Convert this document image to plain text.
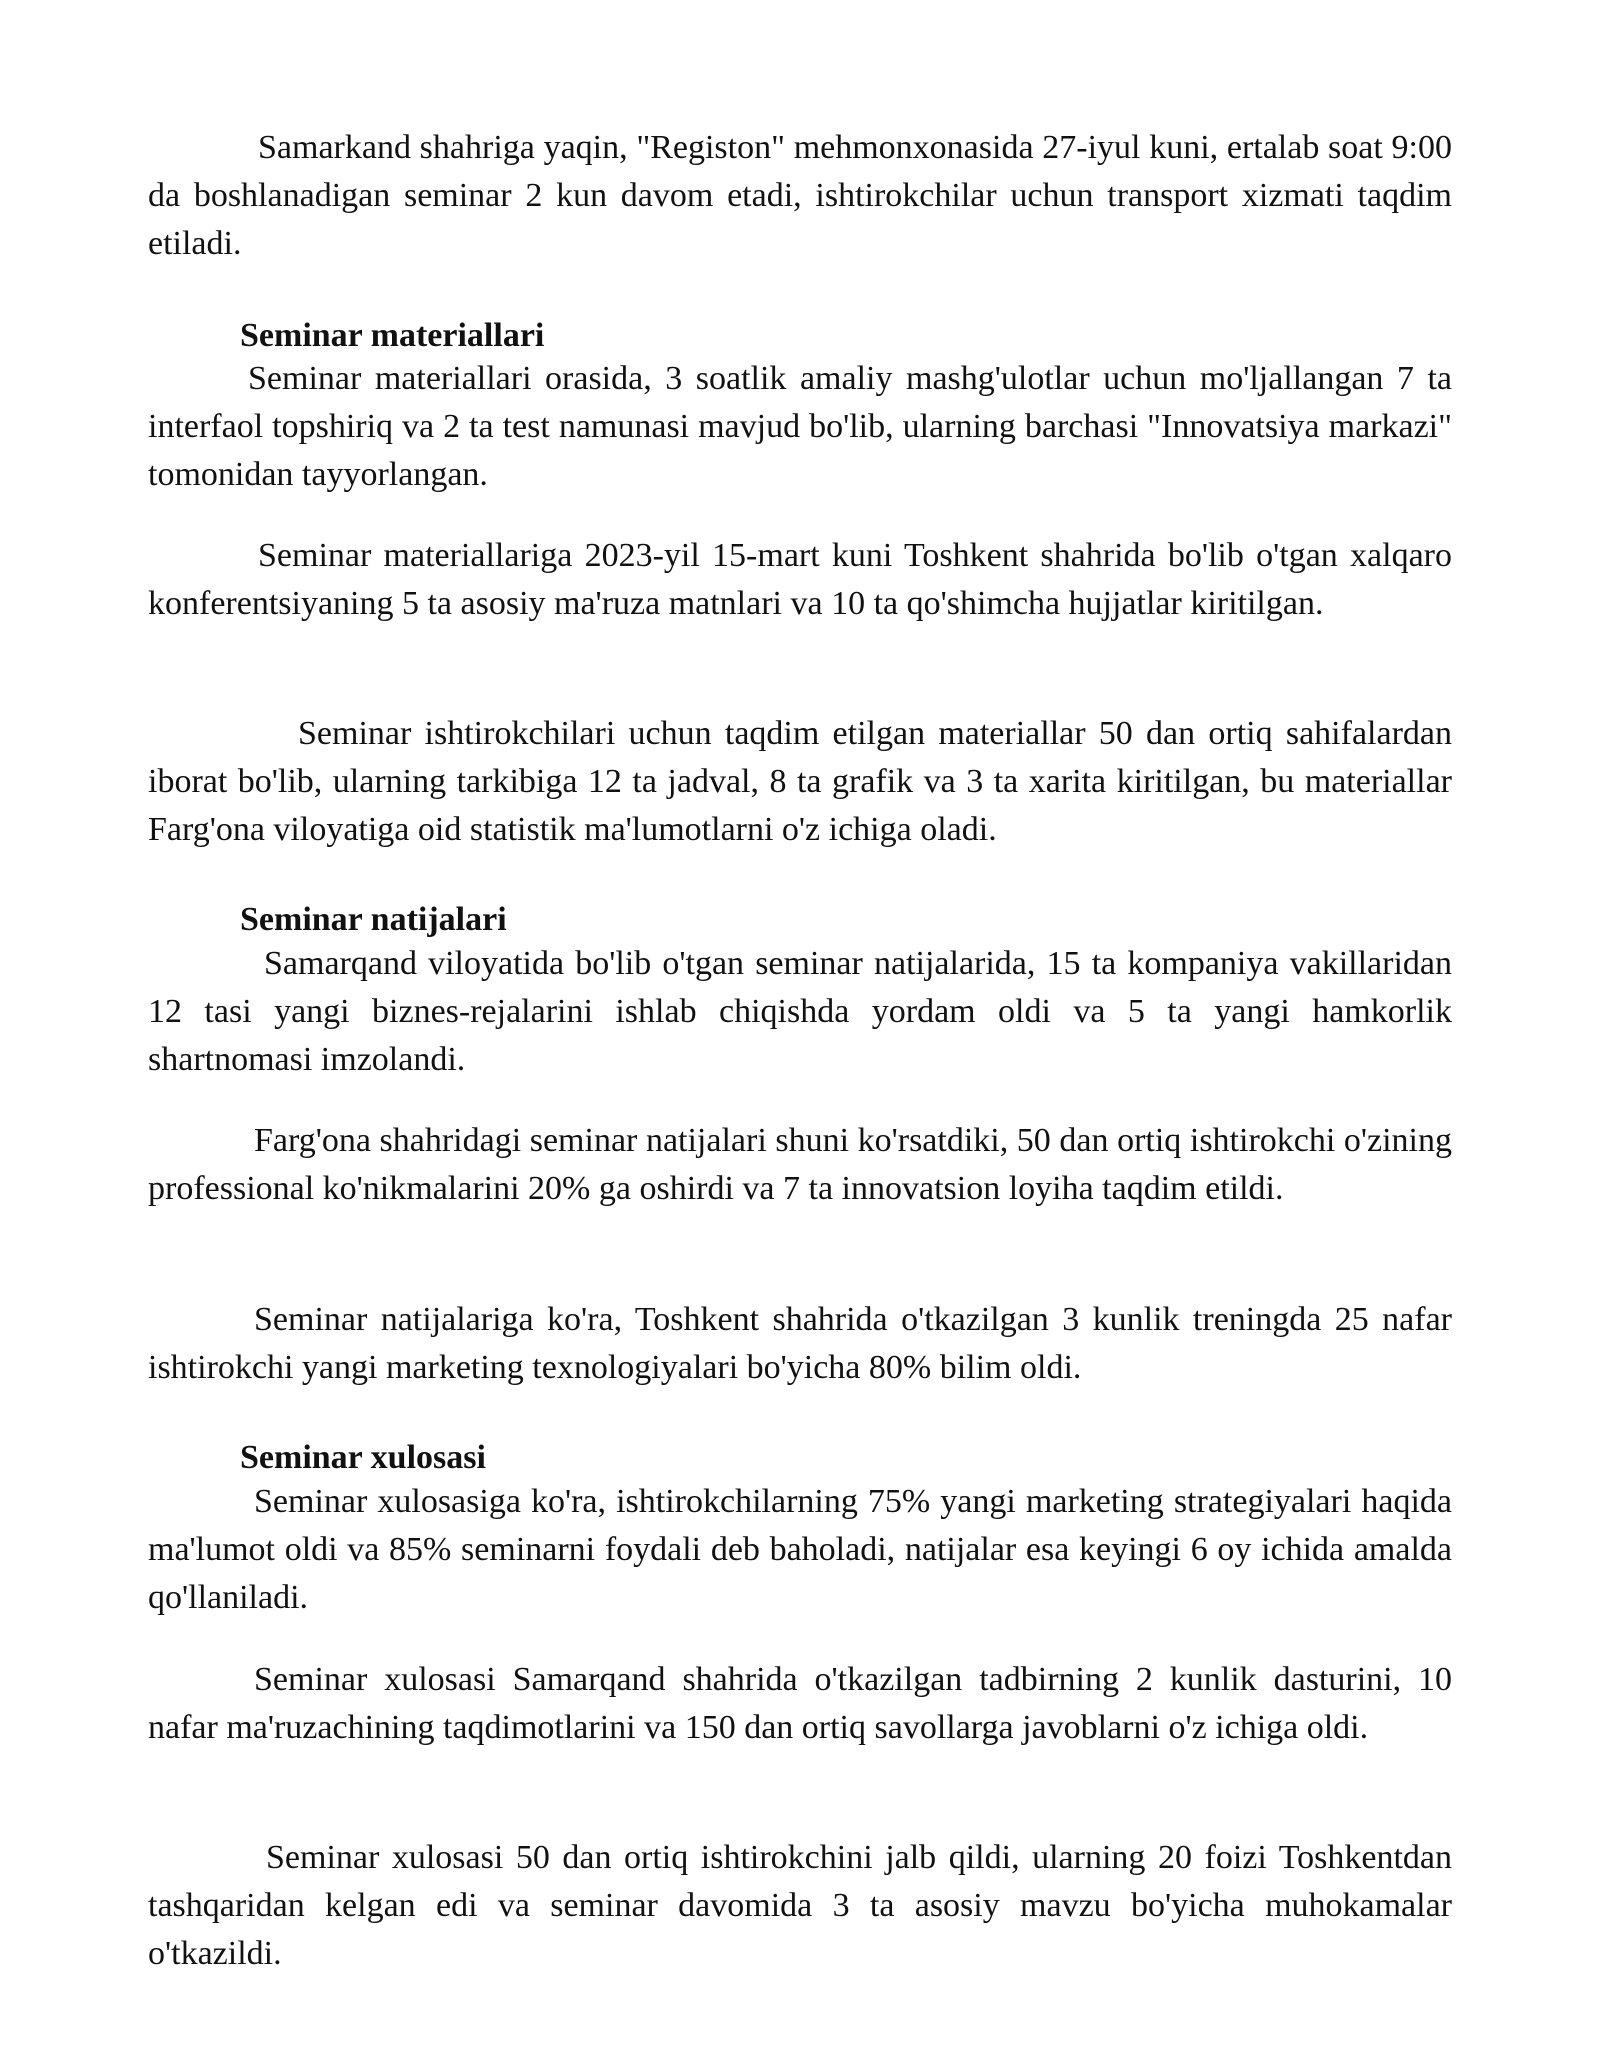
Samarkand shahriga yaqin, "Registon" mehmonxonasida 27-iyul kuni, ertalab soat 9:00 da boshlanadigan seminar 2 kun davom etadi, ishtirokchilar uchun transport xizmati taqdim etiladi.

Seminar materiallari

Seminar materiallari orasida, 3 soatlik amaliy mashg'ulotlar uchun mo'ljallangan 7 ta interfaol topshiriq va 2 ta test namunasi mavjud bo'lib, ularning barchasi "Innovatsiya markazi" tomonidan tayyorlangan.

Seminar materiallariga 2023-yil 15-mart kuni Toshkent shahrida bo'lib o'tgan xalqaro konferentsiyaning 5 ta asosiy ma'ruza matnlari va 10 ta qo'shimcha hujjatlar kiritilgan.

Seminar ishtirokchilari uchun taqdim etilgan materiallar 50 dan ortiq sahifalardan iborat bo'lib, ularning tarkibiga 12 ta jadval, 8 ta grafik va 3 ta xarita kiritilgan, bu materiallar Farg'ona viloyatiga oid statistik ma'lumotlarni o'z ichiga oladi.

Seminar natijalari

Samarqand viloyatida bo'lib o'tgan seminar natijalarida, 15 ta kompaniya vakillaridan 12 tasi yangi biznes-rejalarini ishlab chiqishda yordam oldi va 5 ta yangi hamkorlik shartnomasi imzolandi.

Farg'ona shahridagi seminar natijalari shuni ko'rsatdiki, 50 dan ortiq ishtirokchi o'zining professional ko'nikmalarini 20% ga oshirdi va 7 ta innovatsion loyiha taqdim etildi.

Seminar natijalariga ko'ra, Toshkent shahrida o'tkazilgan 3 kunlik treningda 25 nafar ishtirokchi yangi marketing texnologiyalari bo'yicha 80% bilim oldi.

Seminar xulosasi

Seminar xulosasiga ko'ra, ishtirokchilarning 75% yangi marketing strategiyalari haqida ma'lumot oldi va 85% seminarni foydali deb baholadi, natijalar esa keyingi 6 oy ichida amalda qo'llaniladi.

Seminar xulosasi Samarqand shahrida o'tkazilgan tadbirning 2 kunlik dasturini, 10 nafar ma'ruzachining taqdimotlarini va 150 dan ortiq savollarga javoblarni o'z ichiga oldi.

Seminar xulosasi 50 dan ortiq ishtirokchini jalb qildi, ularning 20 foizi Toshkentdan tashqaridan kelgan edi va seminar davomida 3 ta asosiy mavzu bo'yicha muhokamalar o'tkazildi.
